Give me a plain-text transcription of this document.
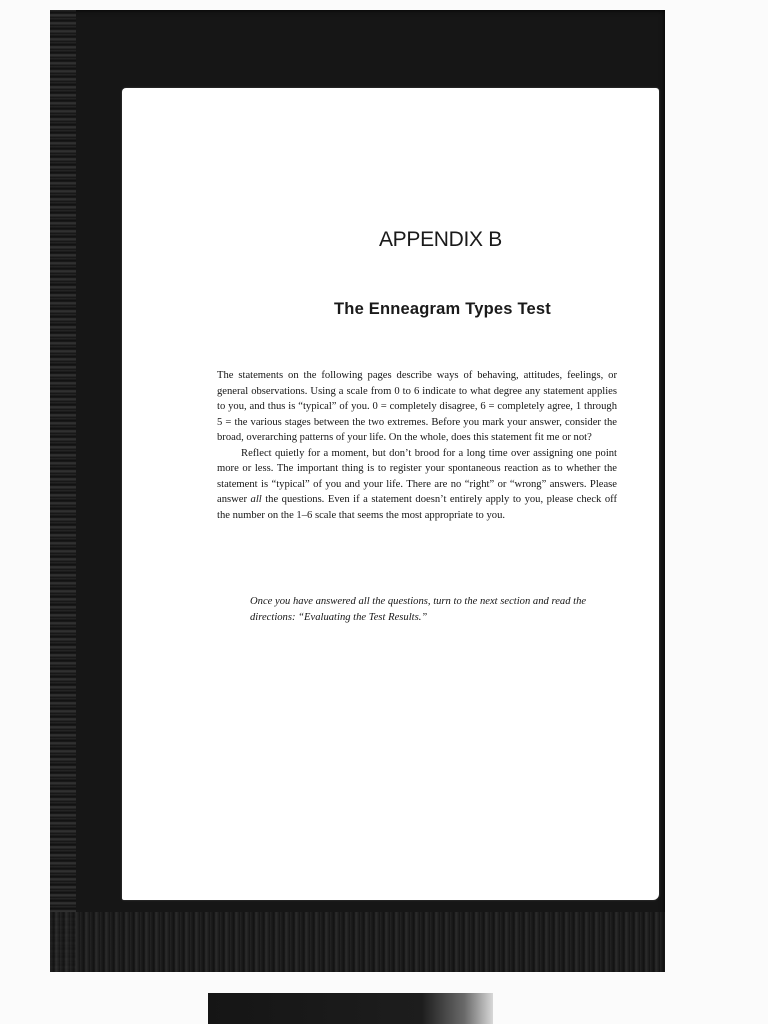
APPENDIX B
The Enneagram Types Test

The statements on the following pages describe ways of behaving, attitudes, feelings, or general observations. Using a scale from 0 to 6 indicate to what degree any statement applies to you, and thus is “typical” of you. 0 = completely disagree, 6 = completely agree, 1 through 5 = the various stages between the two extremes. Before you mark your answer, consider the broad, overarching patterns of your life. On the whole, does this statement fit me or not?

Reflect quietly for a moment, but don’t brood for a long time over assigning one point more or less. The important thing is to register your spontaneous reaction as to whether the statement is “typical” of you and your life. There are no “right” or “wrong” answers. Please answer all the questions. Even if a statement doesn’t entirely apply to you, please check off the number on the 1–6 scale that seems the most appropriate to you.

Once you have answered all the questions, turn to the next section and read the directions: “Evaluating the Test Results.”
